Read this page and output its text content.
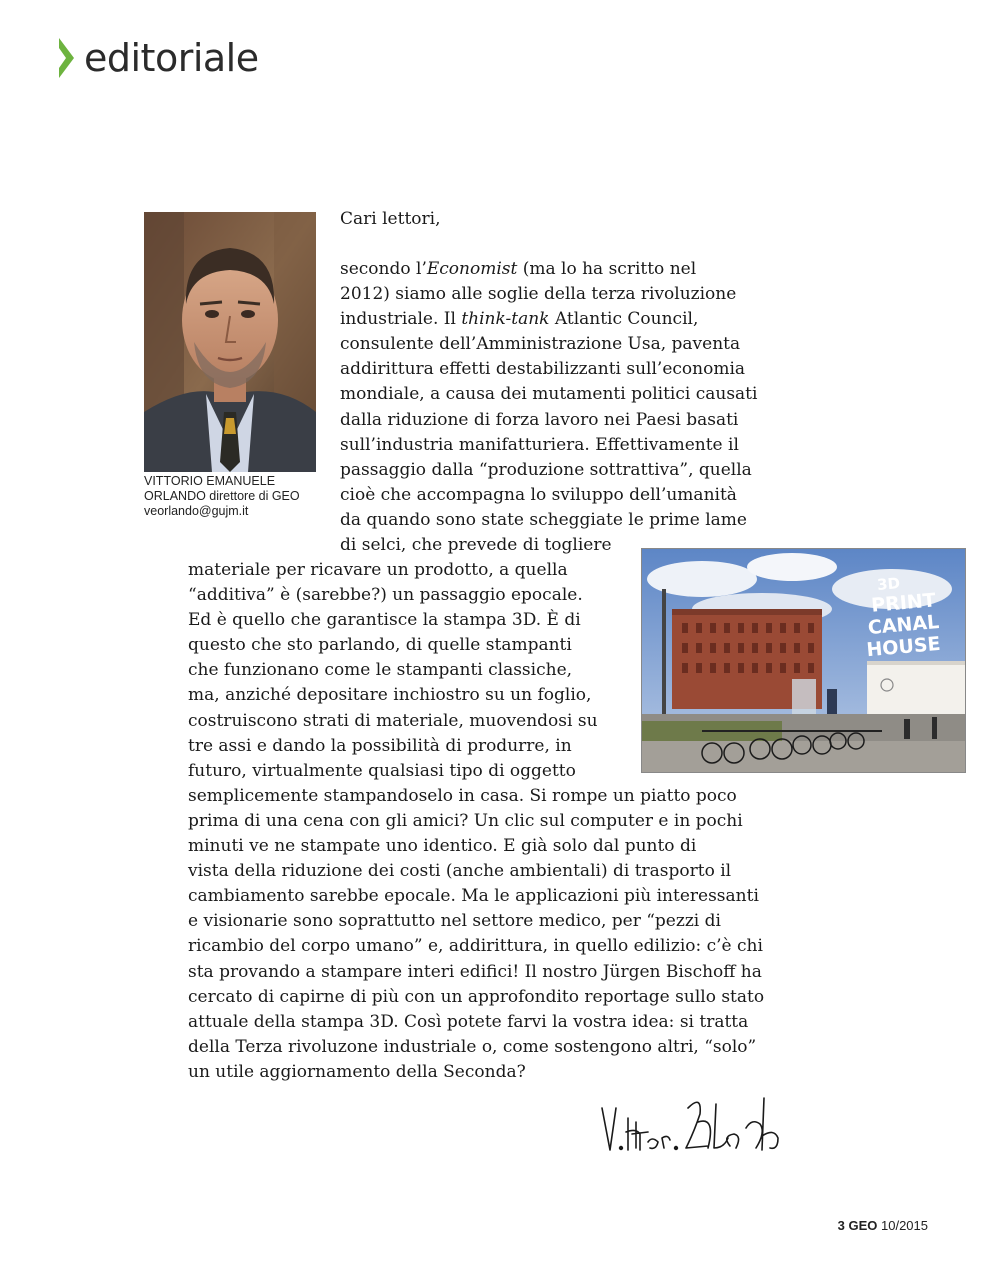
editoriale
VITTORIO EMANUELE
ORLANDO direttore di GEO
veorlando@gujm.it
Cari lettori,
secondo l’Economist (ma lo ha scritto nel
2012) siamo alle soglie della terza rivoluzione
industriale. Il think-tank Atlantic Council,
consulente dell’Amministrazione Usa, paventa
addirittura effetti destabilizzanti sull’economia
mondiale, a causa dei mutamenti politici causati
dalla riduzione di forza lavoro nei Paesi basati
sull’industria manifatturiera. Effettivamente il
passaggio dalla “produzione sottrattiva”, quella
cioè che accompagna lo sviluppo dell’umanità
da quando sono state scheggiate le prime lame
di selci, che prevede di togliere
materiale per ricavare un prodotto, a quella
“additiva” è (sarebbe?) un passaggio epocale.
Ed è quello che garantisce la stampa 3D. È di
questo che sto parlando, di quelle stampanti
che funzionano come le stampanti classiche,
ma, anziché depositare inchiostro su un foglio,
costruiscono strati di materiale, muovendosi su
tre assi e dando la possibilità di produrre, in
futuro, virtualmente qualsiasi tipo di oggetto
semplicemente stampandoselo in casa. Si rompe un piatto poco
prima di una cena con gli amici? Un clic sul computer e in pochi
minuti ve ne stampate uno identico. E già solo dal punto di
vista della riduzione dei costi (anche ambientali) di trasporto il
cambiamento sarebbe epocale. Ma le applicazioni più interessanti
e visionarie sono soprattutto nel settore medico, per “pezzi di
ricambio del corpo umano” e, addirittura, in quello edilizio: c’è chi
sta provando a stampare interi edifici! Il nostro Jürgen Bischoff ha
cercato di capirne di più con un approfondito reportage sullo stato
attuale della stampa 3D. Così potete farvi la vostra idea: si tratta
della Terza rivoluzone industriale o, come sostengono altri, “solo”
un utile aggiornamento della Seconda?
3D
PRINT
CANAL
HOUSE
3 GEO 10/2015
